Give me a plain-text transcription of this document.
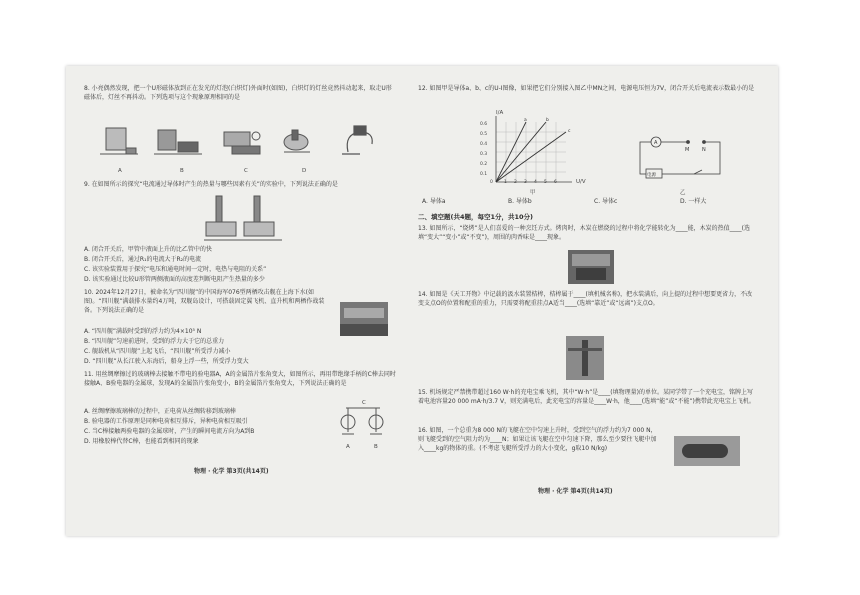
8. 小亮偶然发现，把一个U形磁体放到正在发光的灯泡(白炽灯)外面时(如图)，白炽灯的灯丝竟然抖动起来，取走U形磁体后，灯丝不再抖动。下列选项与这个现象原理相同的是
A	B	C	D
9. 在如图所示的探究“电流通过导体时产生的热量与哪些因素有关”的实验中，下列说法正确的是
A. 闭合开关后，甲管中液面上升的比乙管中的快
B. 闭合开关后，通过R₁的电流大于R₂的电流
C. 该实验装置用于探究“电压和通电时间一定时，电热与电阻的关系”
D. 该实验通过比较U形管两侧液面的高度差判断电阻产生热量的多少
10. 2024年12月27日，被命名为“四川舰”的中国海军076型两栖攻击舰在上海下水(如图)。“四川舰”满载排水量约4万吨，双舰岛设计，可搭载固定翼飞机、直升机和两栖作战装备。下列说法正确的是
A. “四川舰”满载时受到的浮力约为4×10⁵ N
B. “四川舰”匀速前进时，受到的浮力大于它的总重力
C. 舰载机从“四川舰”上起飞后，“四川舰”所受浮力减小
D. “四川舰”从长江驶入东海后，船身上浮一些，所受浮力变大
11. 用丝绸摩擦过的玻璃棒去接触不带电的验电器A，A的金属箔片张角变大，如图所示，再用带绝缘手柄的C棒去同时接触A、B验电器的金属球，发现A的金属箔片张角变小，B的金属箔片张角变大，下列说法正确的是
A. 丝绸摩擦玻璃棒的过程中，正电荷从丝绸转移到玻璃棒
B. 验电器的工作原理是同种电荷相互排斥，异种电荷相互吸引
C. 当C棒接触两验电器的金属球时，产生的瞬间电流方向为A到B
D. 用橡胶棒代替C棒，也能看到相同的现象
A	B
C
物理 · 化学 第3页(共14页)
12. 如图甲是导体a、b、c的U-I图像，如果把它们分别接入图乙中MN之间，电源电压恒为7V，闭合开关后电流表示数最小的是
a	b
c
I/A
U/V
0.6
0.5
0.4
0.3
0.2
0.1
0 1 2 3 4 5 6
甲
A
M	N
电源
乙
A. 导体a	B. 导体b	C. 导体c	D. 一样大
二、填空题(共4题，每空1分，共10分)
13. 如图所示，“烧烤”是人们喜爱的一种烹饪方式。烤肉时，木炭在燃烧的过程中将化学能转化为____能，木炭的热值____(选填“变大”“变小”或“不变”)，周围的肉香味是____现象。
14. 如图是《天工开物》中记载的汲水装置桔槔，桔槔属于____(填机械名称)，把水装满后，向上提的过程中想要更省力，不改变支点O的位置和配重的重力，只需要将配重挂点A适当____(选填“靠近”或“远离”)支点O。
15. 机场规定严禁携带超过160 W·h的充电宝乘飞机，其中“W·h”是____(填物理量)的单位。某同学带了一个充电宝，铭牌上写着电池容量20 000 mA·h/3.7 V，则充满电后，此充电宝的容量是____W·h，他____(选填“能”或“不能”)携带此充电宝上飞机。
16. 如图，一个总重为8 000 N的飞艇在空中匀速上升时，受到空气的浮力约为7 000 N，则飞艇受到的空气阻力约为____N；如果让该飞艇在空中匀速下降，那么至少要往飞艇中加入____kg的物体的重。(不考虑飞艇所受浮力的大小变化，g取10 N/kg)
物理 · 化学 第4页(共14页)
